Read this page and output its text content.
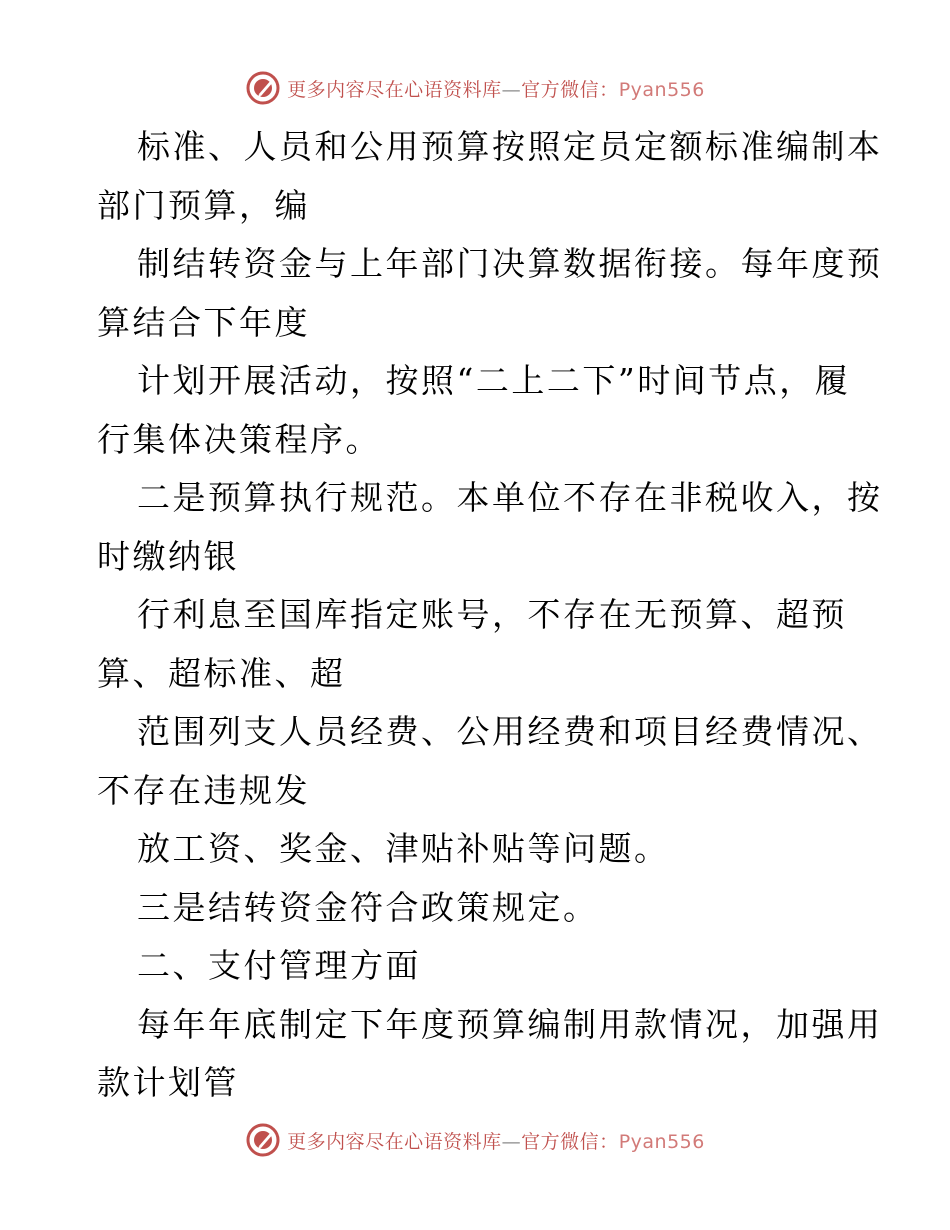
更多内容尽在心语资料库—官方微信：Pyan556
标准、人员和公用预算按照定员定额标准编制本
部门预算，编
制结转资金与上年部门决算数据衔接。每年度预
算结合下年度
计划开展活动，按照“二上二下”时间节点，履
行集体决策程序。
二是预算执行规范。本单位不存在非税收入，按
时缴纳银
行利息至国库指定账号，不存在无预算、超预
算、超标准、超
范围列支人员经费、公用经费和项目经费情况、
不存在违规发
放工资、奖金、津贴补贴等问题。
三是结转资金符合政策规定。
二、支付管理方面
每年年底制定下年度预算编制用款情况，加强用
款计划管
更多内容尽在心语资料库—官方微信：Pyan556
